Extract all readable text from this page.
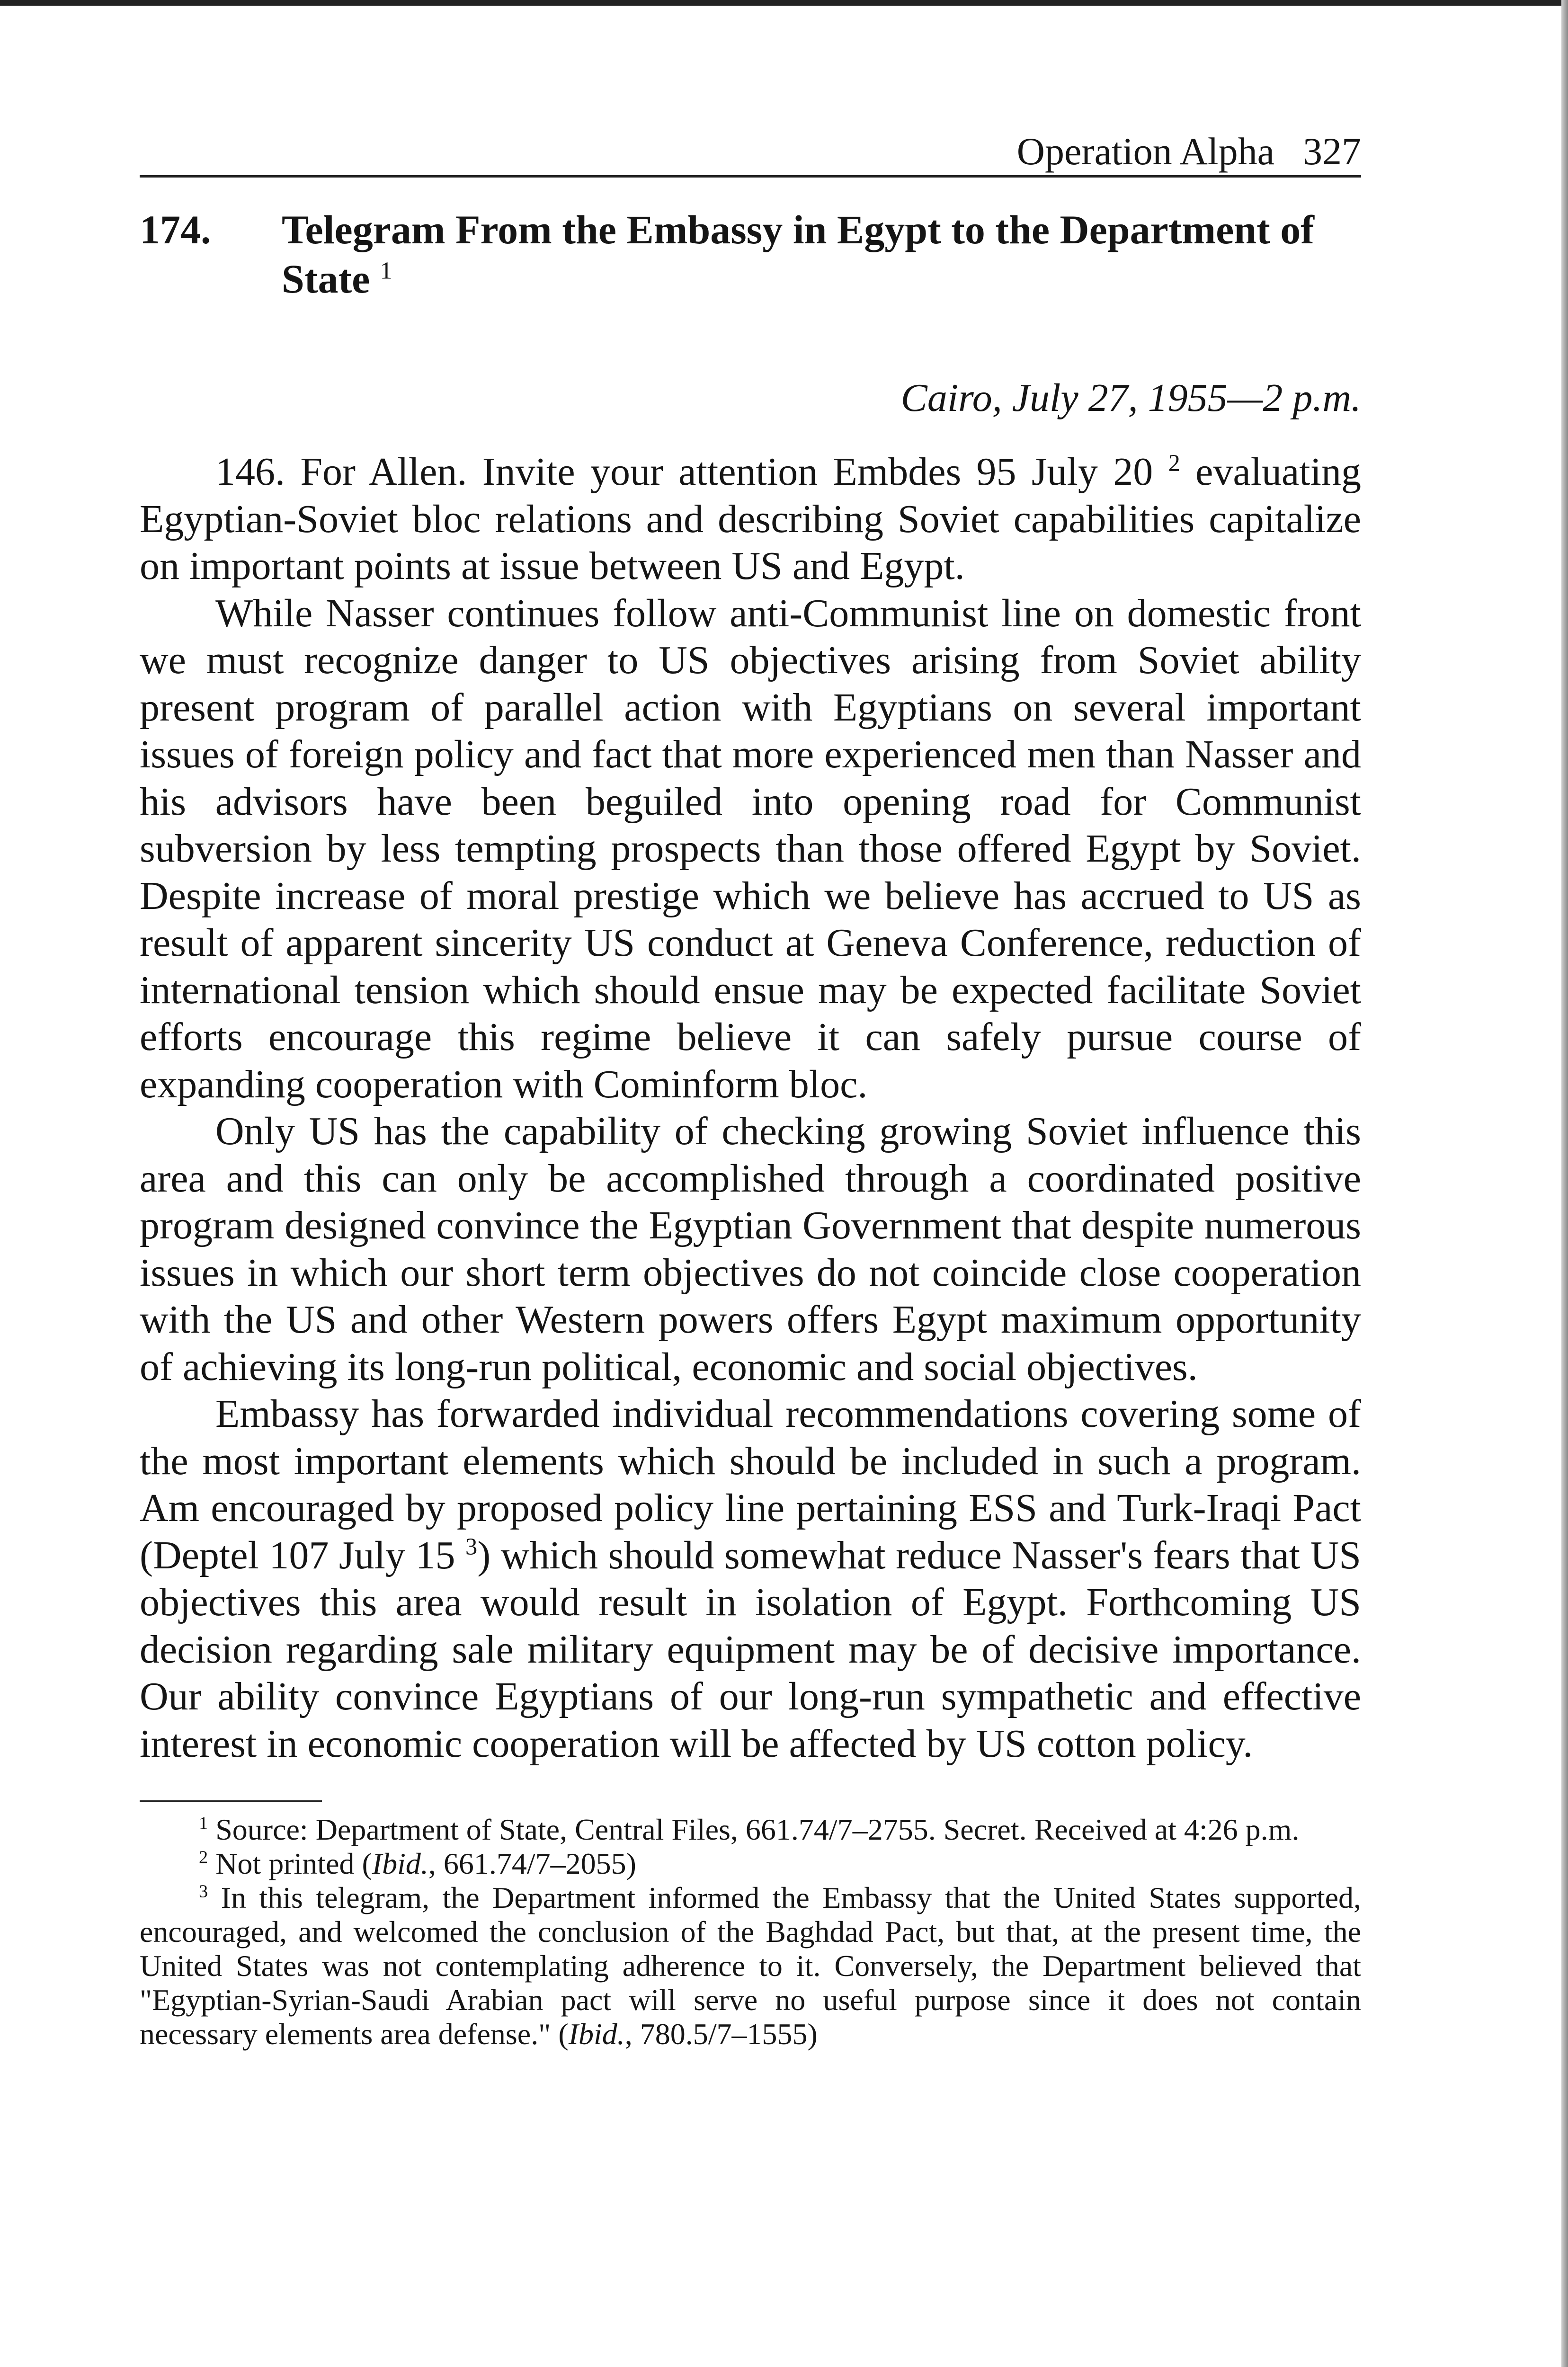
Operation Alpha 327
174.	Telegram From the Embassy in Egypt to the Department of State $^1$
Cairo, July 27, 1955—2 p.m.

146. For Allen. Invite your attention Embdes 95 July 20 $^2$ evaluating Egyptian-Soviet bloc relations and describing Soviet capabilities capitalize on important points at issue between US and Egypt.

While Nasser continues follow anti-Communist line on domestic front we must recognize danger to US objectives arising from Soviet ability present program of parallel action with Egyptians on several important issues of foreign policy and fact that more experienced men than Nasser and his advisors have been beguiled into opening road for Communist subversion by less tempting prospects than those offered Egypt by Soviet. Despite increase of moral prestige which we believe has accrued to US as result of apparent sincerity US conduct at Geneva Conference, reduction of international tension which should ensue may be expected facilitate Soviet efforts encourage this regime believe it can safely pursue course of expanding cooperation with Cominform bloc.

Only US has the capability of checking growing Soviet influence this area and this can only be accomplished through a coordinated positive program designed convince the Egyptian Government that despite numerous issues in which our short term objectives do not coincide close cooperation with the US and other Western powers offers Egypt maximum opportunity of achieving its long-run political, economic and social objectives.

Embassy has forwarded individual recommendations covering some of the most important elements which should be included in such a program. Am encouraged by proposed policy line pertaining ESS and Turk-Iraqi Pact (Deptel 107 July 15 $^3$) which should somewhat reduce Nasser's fears that US objectives this area would result in isolation of Egypt. Forthcoming US decision regarding sale military equipment may be of decisive importance. Our ability convince Egyptians of our long-run sympathetic and effective interest in economic cooperation will be affected by US cotton policy.

$^1$ Source: Department of State, Central Files, 661.74/7–2755. Secret. Received at 4:26 p.m.

$^2$ Not printed (Ibid., 661.74/7–2055)

$^3$ In this telegram, the Department informed the Embassy that the United States supported, encouraged, and welcomed the conclusion of the Baghdad Pact, but that, at the present time, the United States was not contemplating adherence to it. Conversely, the Department believed that "Egyptian-Syrian-Saudi Arabian pact will serve no useful purpose since it does not contain necessary elements area defense." (Ibid., 780.5/7–1555)
